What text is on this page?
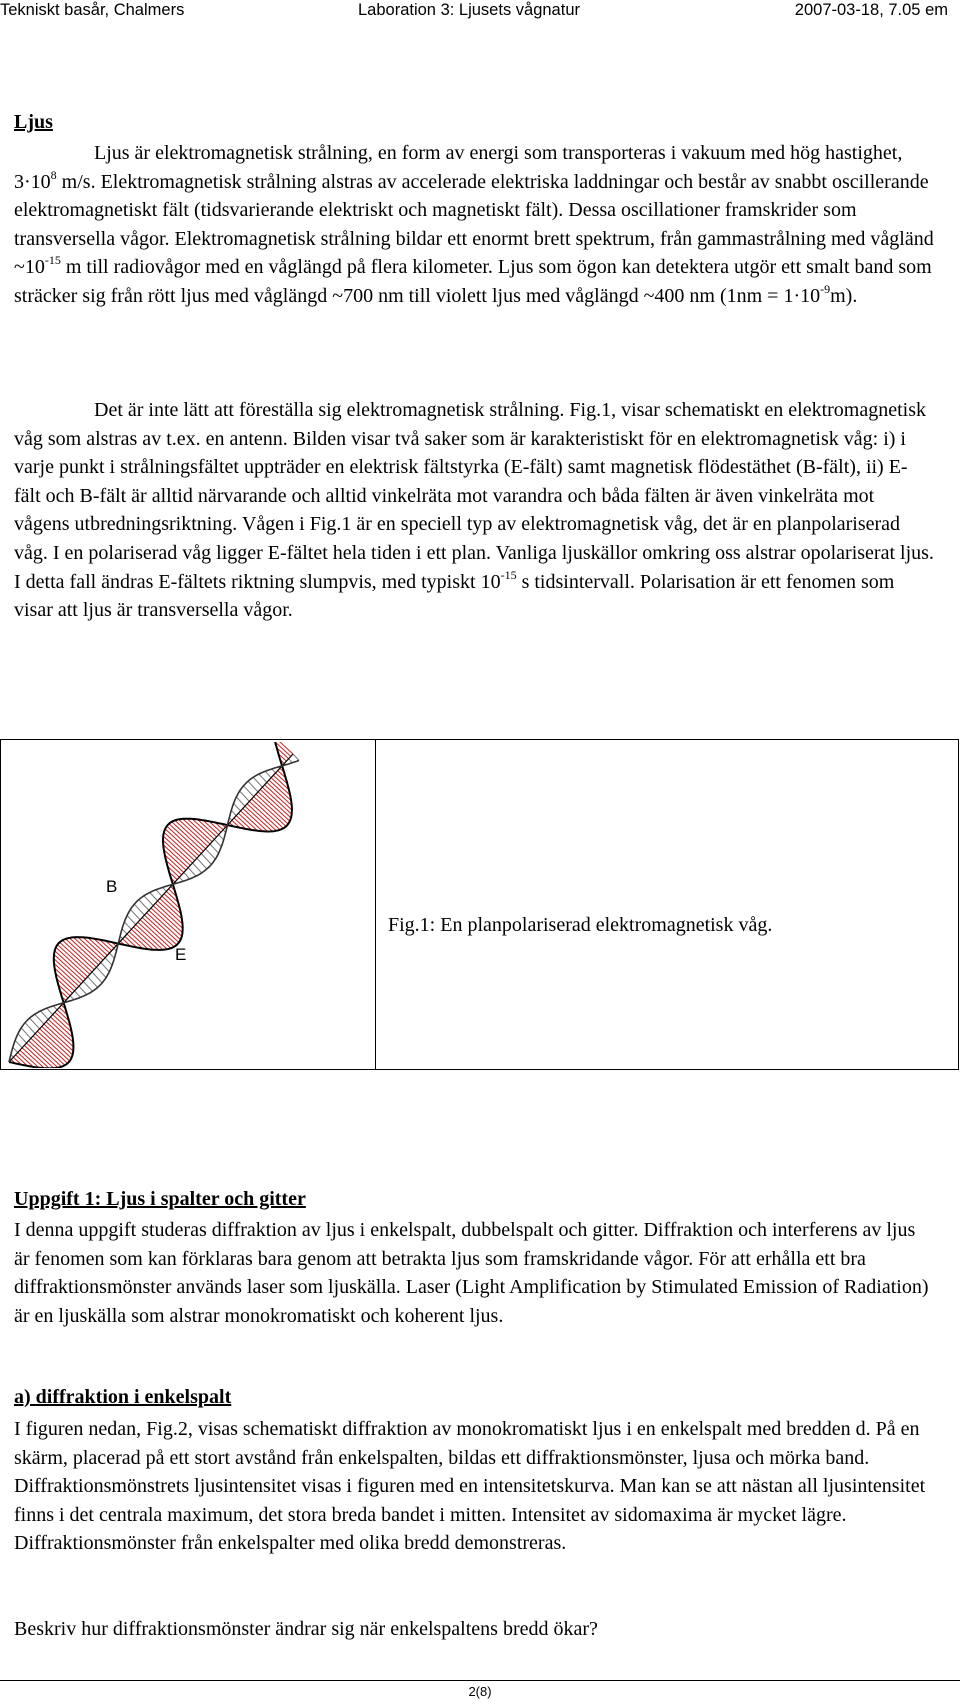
Tekniskt basår, Chalmers	Laboration 3: Ljusets vågnatur	2007-03-18, 7.05 em
Ljus
Ljus är elektromagnetisk strålning, en form av energi som transporteras i vakuum med hög hastighet, $3\cdot 10^8$ m/s. Elektromagnetisk strålning alstras av accelerade elektriska laddningar och består av snabbt oscillerande elektromagnetiskt fält (tidsvarierande elektriskt och magnetiskt fält). Dessa oscillationer framskrider som transversella vågor. Elektromagnetisk strålning bildar ett enormt brett spektrum, från gammastrålning med vågländ $\sim 10^{-15}$ m till radiovågor med en våglängd på flera kilometer. Ljus som ögon kan detektera utgör ett smalt band som sträcker sig från rött ljus med våglängd ~700 nm till violett ljus med våglängd ~400 nm $(1nm = 1\cdot 10^{-9}m)$.
Det är inte lätt att föreställa sig elektromagnetisk strålning. Fig.1, visar schematiskt en elektromagnetisk våg som alstras av t.ex. en antenn. Bilden visar två saker som är karakteristiskt för en elektromagnetisk våg: i) i varje punkt i strålningsfältet uppträder en elektrisk fältstyrka (E-fält) samt magnetisk flödestäthet (B-fält), ii) E-fält och B-fält är alltid närvarande och alltid vinkelräta mot varandra och båda fälten är även vinkelräta mot vågens utbredningsriktning. Vågen i Fig.1 är en speciell typ av elektromagnetisk våg, det är en planpolariserad våg. I en polariserad våg ligger E-fältet hela tiden i ett plan. Vanliga ljuskällor omkring oss alstrar opolariserat ljus. I detta fall ändras E-fältets riktning slumpvis, med typiskt $10^{-15}$ s tidsintervall. Polarisation är ett fenomen som visar att ljus är transversella vågor.
B
E
Fig.1: En planpolariserad elektromagnetisk våg.
Uppgift 1: Ljus i spalter och gitter
I denna uppgift studeras diffraktion av ljus i enkelspalt, dubbelspalt och gitter. Diffraktion och interferens av ljus är fenomen som kan förklaras bara genom att betrakta ljus som framskridande vågor. För att erhålla ett bra diffraktionsmönster används laser som ljuskälla. Laser (Light Amplification by Stimulated Emission of Radiation) är en ljuskälla som alstrar monokromatiskt och koherent ljus.
a) diffraktion i enkelspalt
I figuren nedan, Fig.2, visas schematiskt diffraktion av monokromatiskt ljus i en enkelspalt med bredden d. På en skärm, placerad på ett stort avstånd från enkelspalten, bildas ett diffraktionsmönster, ljusa och mörka band. Diffraktionsmönstrets ljusintensitet visas i figuren med en intensitetskurva. Man kan se att nästan all ljusintensitet finns i det centrala maximum, det stora breda bandet i mitten. Intensitet av sidomaxima är mycket lägre. Diffraktionsmönster från enkelspalter med olika bredd demonstreras.
Beskriv hur diffraktionsmönster ändrar sig när enkelspaltens bredd ökar?
2(8)
